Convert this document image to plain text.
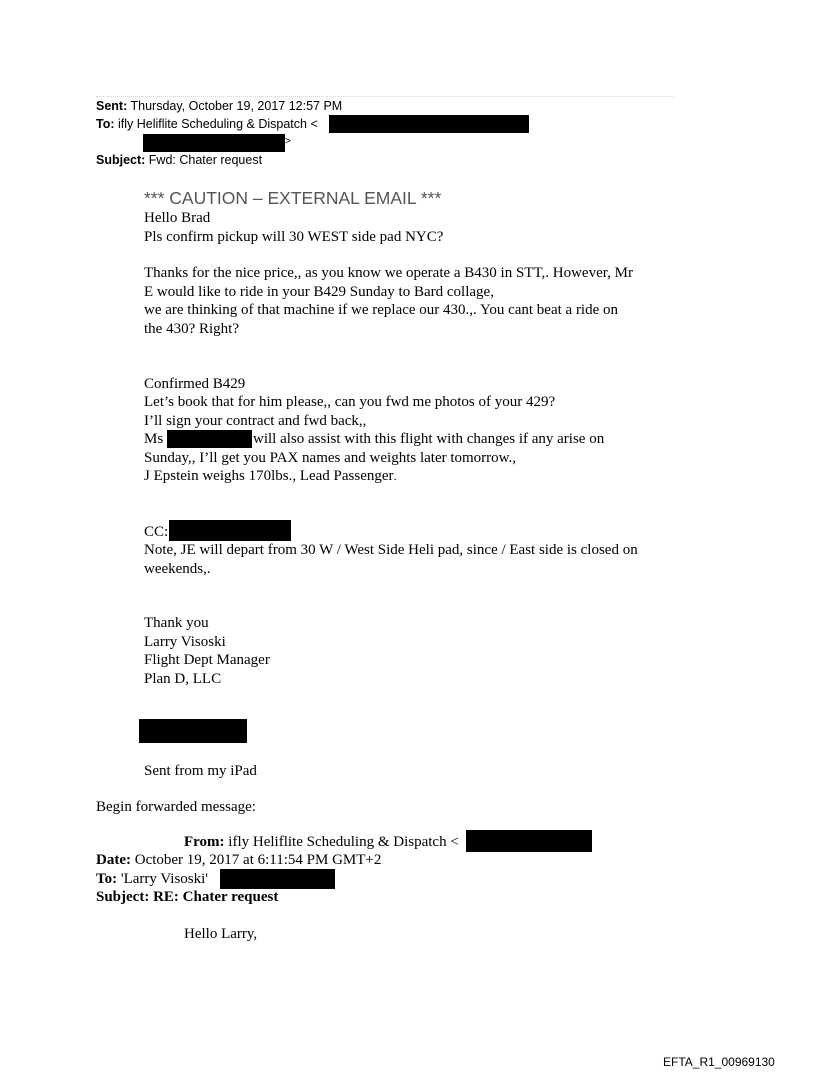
Sent: Thursday, October 19, 2017 12:57 PM
To: ifly Heliflite Scheduling & Dispatch <
>
Subject: Fwd: Chater request
*** CAUTION – EXTERNAL EMAIL ***
Hello Brad
Pls confirm pickup will 30 WEST side pad NYC?
Thanks for the nice price,, as you know we operate a B430 in STT,. However, Mr
E would like to ride in your B429 Sunday to Bard collage,
we are thinking of that machine if we replace our 430.,. You cant beat a ride on
the 430? Right?
Confirmed B429
Let’s book that for him please,, can you fwd me photos of your 429?
I’ll sign your contract and fwd back,,
Ms	will also assist with this flight with changes if any arise on
Sunday,, I’ll get you PAX names and weights later tomorrow.,
J Epstein weighs 170lbs., Lead Passenger.
CC:
Note, JE will depart from 30 W / West Side Heli pad, since / East side is closed on
weekends,.
Thank you
Larry Visoski
Flight Dept Manager
Plan D, LLC
Sent from my iPad
Begin forwarded message:
From: ifly Heliflite Scheduling & Dispatch <
Date: October 19, 2017 at 6:11:54 PM GMT+2
To: 'Larry Visoski'
Subject: RE: Chater request
Hello Larry,
EFTA_R1_00969130
